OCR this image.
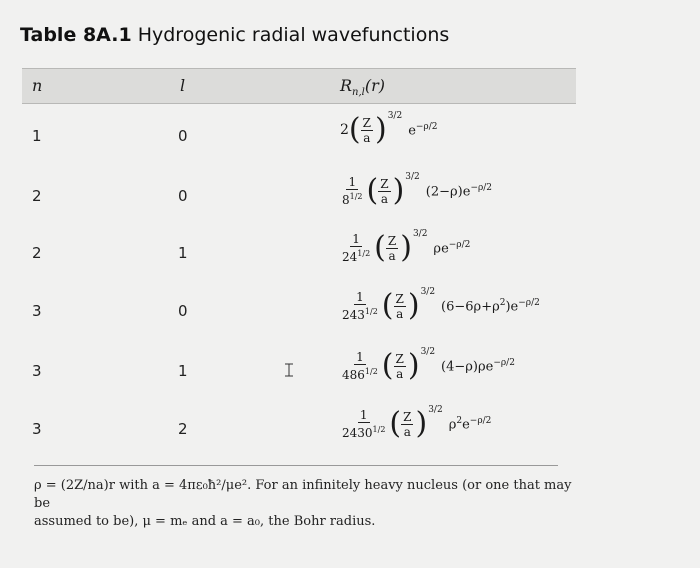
Table 8A.1 Hydrogenic radial wavefunctions
n	l	$R_{n,l}(r)$
1	0	2 ( $\frac{Z}{a}$ ) 3/2
$e^{-\rho/2}$
2	0	$\frac{1}{8^{1/2}}$ ( $\frac{Z}{a}$ ) 3/2
$(2-\rho)e^{-\rho/2}$
2	1	$\frac{1}{24^{1/2}}$ ( $\frac{Z}{a}$ ) 3/2
$\rho e^{-\rho/2}$
3	0	$\frac{1}{243^{1/2}}$ ( $\frac{Z}{a}$ ) 3/2
$(6-6\rho+\rho^2)e^{-\rho/2}$
3	1	$\frac{1}{486^{1/2}}$ ( $\frac{Z}{a}$ ) 3/2
$(4-\rho)\rho e^{-\rho/2}$
3	2	$\frac{1}{2430^{1/2}}$ ( $\frac{Z}{a}$ ) 3/2
$\rho^2e^{-\rho/2}$
ρ = (2Z/na)r with a = 4πε₀ħ²/μe². For an infinitely heavy nucleus (or one that may be
assumed to be), μ = mₑ and a = a₀, the Bohr radius.
